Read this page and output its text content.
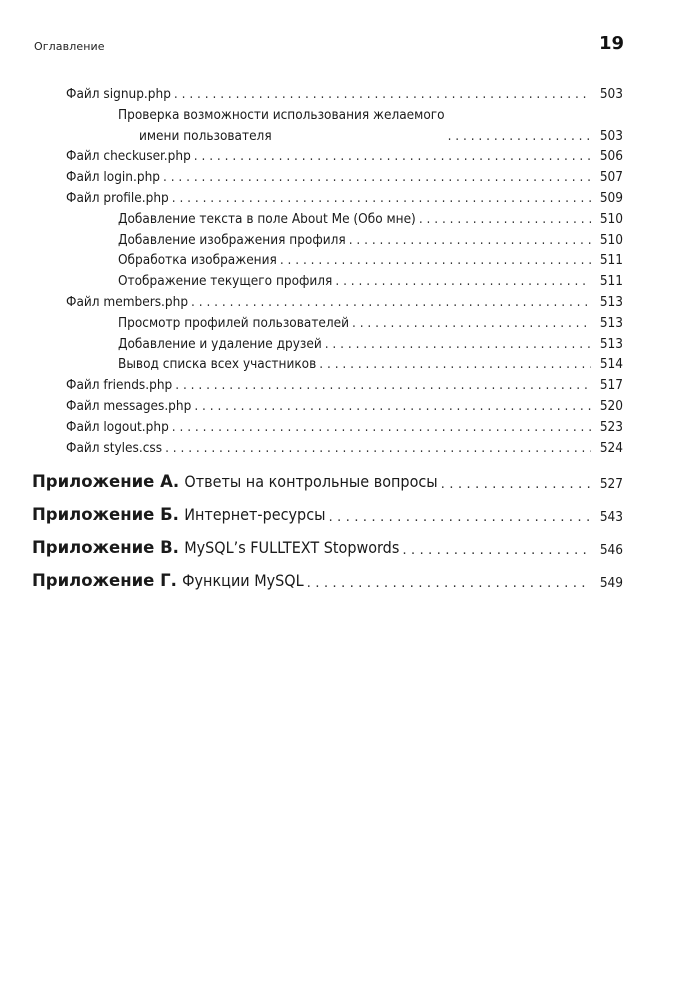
Оглавление	19
Файл signup.php . . .	503
Проверка возможности использования желаемого
имени пользователя . . .	503
Файл checkuser.php . . .	506
Файл login.php . . .	507
Файл profile.php . . .	509
Добавление текста в поле About Me (Обо мне) . . .	510
Добавление изображения профиля . . .	510
Обработка изображения . . .	511
Отображение текущего профиля . . .	511
Файл members.php . . .	513
Просмотр профилей пользователей . . .	513
Добавление и удаление друзей . . .	513
Вывод списка всех участников . . .	514
Файл friends.php . . .	517
Файл messages.php . . .	520
Файл logout.php . . .	523
Файл styles.css . . .	524
Приложение А. Ответы на контрольные вопросы . . .	527
Приложение Б. Интернет-ресурсы . . .	543
Приложение В. MySQL’s FULLTEXT Stopwords . . .	546
Приложение Г. Функции MySQL . . .	549
